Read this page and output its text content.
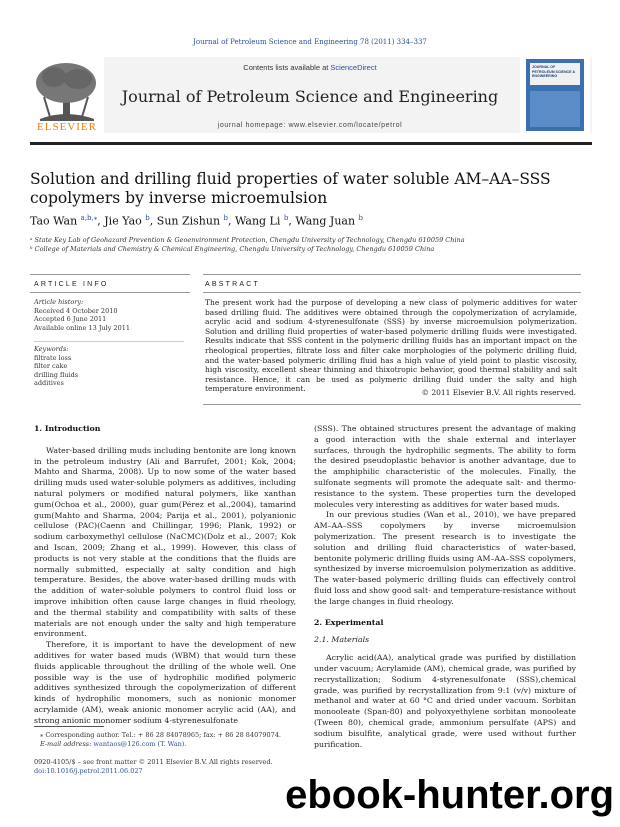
Journal of Petroleum Science and Engineering 78 (2011) 334–337
ELSEVIER
Contents lists available at ScienceDirect
Journal of Petroleum Science and Engineering
journal homepage: www.elsevier.com/locate/petrol
JOURNAL OF PETROLEUM SCIENCE & ENGINEERING
Solution and drilling fluid properties of water soluble AM–AA–SSS copolymers by inverse microemulsion
Tao Wan $^{a,b,⁎}$, Jie Yao $^b$, Sun Zishun $^b$, Wang Li $^b$, Wang Juan $^b$
ᵃ State Key Lab of Geohazard Prevention & Geoenvironment Protection, Chengdu University of Technology, Chengdu 610059 China
ᵇ College of Materials and Chemistry & Chemical Engineering, Chengdu University of Technology, Chengdu 610059 China
ARTICLE INFO	ABSTRACT
Article history:
Received 4 October 2010
Accepted 6 June 2011
Available online 13 July 2011
Keywords:
filtrate loss
filter cake
drilling fluids
additives
The present work had the purpose of developing a new class of polymeric additives for water based drilling fluid. The additives were obtained through the copolymerization of acrylamide, acrylic acid and sodium 4-styrenesulfonate (SSS) by inverse microemulsion polymerization. Solution and drilling fluid properties of water-based polymeric drilling fluids were investigated. Results indicate that SSS content in the polymeric drilling fluids has an important impact on the rheological properties, filtrate loss and filter cake morphologies of the polymeric drilling fluid, and the water-based polymeric drilling fluid has a high value of yield point to plastic viscosity, high viscosity, excellent shear thinning and thixotropic behavior, good thermal stability and salt resistance. Hence, it can be used as polymeric drilling fluid under the salty and high temperature environment.	© 2011 Elsevier B.V. All rights reserved.
1. Introduction

Water-based drilling muds including bentonite are long known in the petroleum industry (Ali and Barrufet, 2001; Kok, 2004; Mahto and Sharma, 2008). Up to now some of the water based drilling muds used water-soluble polymers as additives, including natural polymers or modified natural polymers, like xanthan gum(Ochoa et al., 2000), guar gum(Pérez et al.,2004), tamarind gum(Mahto and Sharma, 2004; Parija et al., 2001), polyanionic cellulose (PAC)(Caenn and Chillingar, 1996; Plank, 1992) or sodium carboxymethyl cellulose (NaCMC)(Dolz et al., 2007; Kok and Iscan, 2009; Zhang et al., 1999). However, this class of products is not very stable at the conditions that the fluids are normally submitted, especially at salty condition and high temperature. Besides, the above water-based drilling muds with the addition of water-soluble polymers to control fluid loss or improve inhibition often cause large changes in fluid rheology, and the thermal stability and compatibility with salts of these materials are not enough under the salty and high temperature environment.

Therefore, it is important to have the development of new additives for water based muds (WBM) that would turn these fluids applicable throughout the drilling of the whole well. One possible way is the use of hydrophilic modified polymeric additives synthesized through the copolymerization of different kinds of hydrophilic monomers, such as nonionic monomer acrylamide (AM), weak anionic monomer acrylic acid (AA), and strong anionic monomer sodium 4-styrenesulfonate

(SSS). The obtained structures present the advantage of making a good interaction with the shale external and interlayer surfaces, through the hydrophilic segments. The ability to form the desired pseudoplastic behavior is another advantage, due to the amphiphilic characteristic of the molecules. Finally, the sulfonate segments will promote the adequate salt- and thermo-resistance to the system. These properties turn the developed molecules very interesting as additives for water based muds.

In our previous studies (Wan et al., 2010), we have prepared AM–AA–SSS copolymers by inverse microemulsion polymerization. The present research is to investigate the solution and drilling fluid characteristics of water-based, bentonite polymeric drilling fluids using AM–AA–SSS copolymers, synthesized by inverse microemulsion polymerization as additive. The water-based polymeric drilling fluids can effectively control fluid loss and show good salt- and temperature-resistance without the large changes in fluid rheology.

2. Experimental
2.1. Materials

Acrylic acid(AA), analytical grade was purified by distillation under vacuum; Acrylamide (AM), chemical grade, was purified by recrystallization; Sodium 4-styrenesulfonate (SSS),chemical grade, was purified by recrystallization from 9:1 (v/v) mixture of methanol and water at 60 °C and dried under vacuum. Sorbitan monooleate (Span-80) and polyoxyethylene sorbitan monooleate (Tween 80), chemical grade, ammonium persulfate (APS) and sodium bisulfite, analytical grade, were used without further purification.

⁎ Corresponding author. Tel.: + 86 28 84078965; fax: + 86 28 84079074.
E-mail address: wantaos@126.com (T. Wan).
0920-4105/$ – see front matter © 2011 Elsevier B.V. All rights reserved.
doi:10.1016/j.petrol.2011.06.027
ebook-hunter.org
